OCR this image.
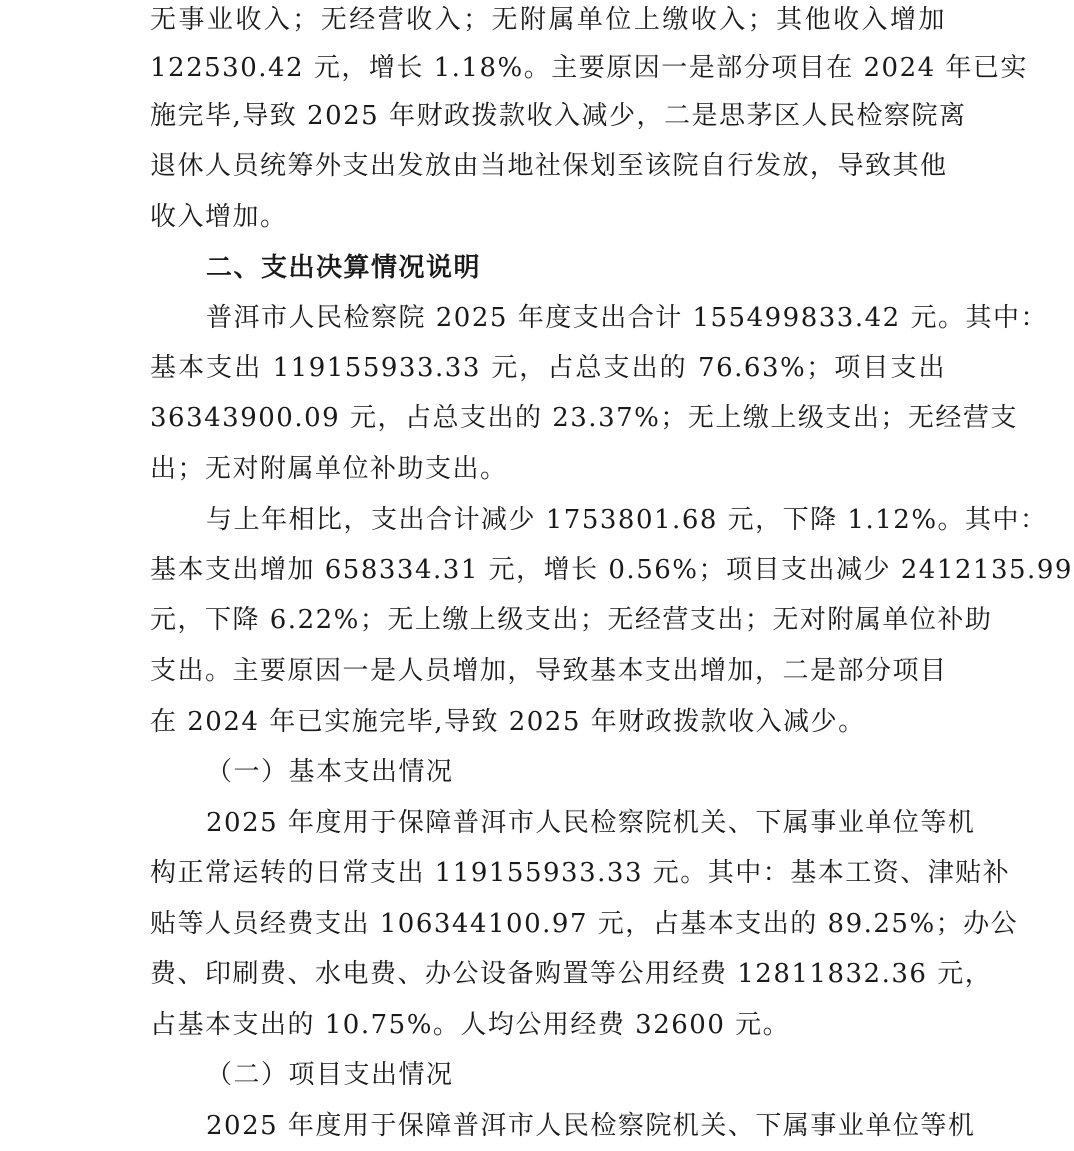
无事业收入；无经营收入；无附属单位上缴收入；其他收入增加
122530.42 元，增长 1.18%。主要原因一是部分项目在 2024 年已实
施完毕,导致 2025 年财政拨款收入减少，二是思茅区人民检察院离
退休人员统筹外支出发放由当地社保划至该院自行发放，导致其他
收入增加。
二、支出决算情况说明
普洱市人民检察院 2025 年度支出合计 155499833.42 元。其中：
基本支出 119155933.33 元，占总支出的 76.63%；项目支出
36343900.09 元，占总支出的 23.37%；无上缴上级支出；无经营支
出；无对附属单位补助支出。
与上年相比，支出合计减少 1753801.68 元，下降 1.12%。其中：
基本支出增加 658334.31 元，增长 0.56%；项目支出减少 2412135.99
元，下降 6.22%；无上缴上级支出；无经营支出；无对附属单位补助
支出。主要原因一是人员增加，导致基本支出增加，二是部分项目
在 2024 年已实施完毕,导致 2025 年财政拨款收入减少。
（一）基本支出情况
2025 年度用于保障普洱市人民检察院机关、下属事业单位等机
构正常运转的日常支出 119155933.33 元。其中：基本工资、津贴补
贴等人员经费支出 106344100.97 元，占基本支出的 89.25%；办公
费、印刷费、水电费、办公设备购置等公用经费 12811832.36 元，
占基本支出的 10.75%。人均公用经费 32600 元。
（二）项目支出情况
2025 年度用于保障普洱市人民检察院机关、下属事业单位等机
